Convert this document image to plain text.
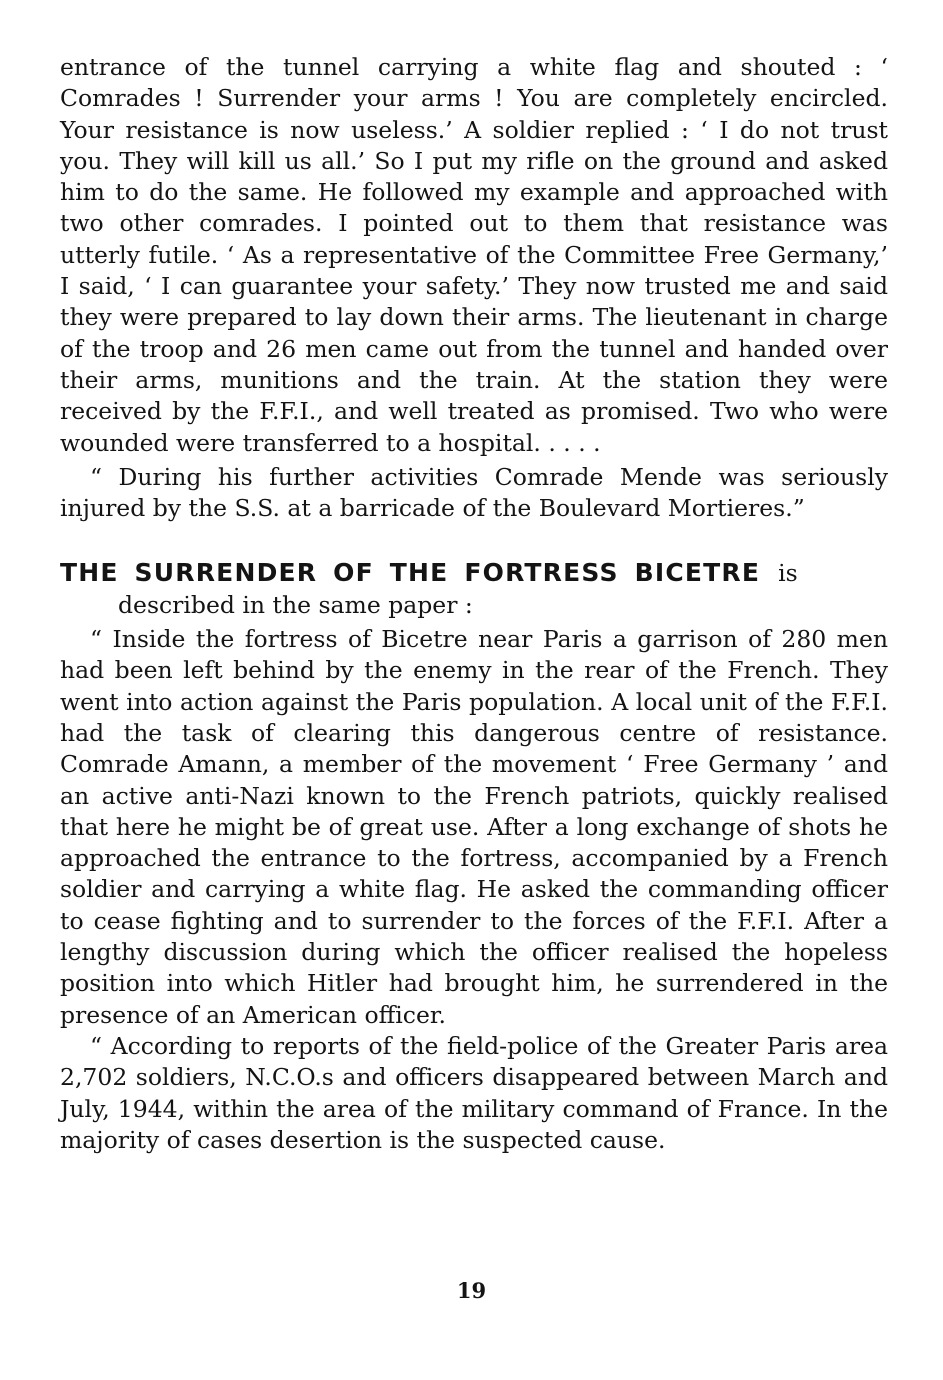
entrance of the tunnel carrying a white flag and shouted : ‘ Comrades ! Surrender your arms ! You are completely encircled. Your resistance is now useless.’ A soldier replied : ‘ I do not trust you. They will kill us all.’ So I put my rifle on the ground and asked him to do the same. He followed my example and approached with two other comrades. I pointed out to them that resistance was utterly futile. ‘ As a representative of the Committee Free Germany,’ I said, ‘ I can guarantee your safety.’ They now trusted me and said they were prepared to lay down their arms. The lieutenant in charge of the troop and 26 men came out from the tunnel and handed over their arms, munitions and the train. At the station they were received by the F.F.I., and well treated as promised. Two who were wounded were transferred to a hospital. . . . .

“ During his further activities Comrade Mende was seriously injured by the S.S. at a barricade of the Boulevard Mortieres.”

THE SURRENDER OF THE FORTRESS BICETRE is described in the same paper :

“ Inside the fortress of Bicetre near Paris a garrison of 280 men had been left behind by the enemy in the rear of the French. They went into action against the Paris population. A local unit of the F.F.I. had the task of clearing this dangerous centre of resistance. Comrade Amann, a member of the movement ‘ Free Germany ’ and an active anti-Nazi known to the French patriots, quickly realised that here he might be of great use. After a long exchange of shots he approached the entrance to the fortress, accompanied by a French soldier and carrying a white flag. He asked the commanding officer to cease fighting and to surrender to the forces of the F.F.I. After a lengthy discussion during which the officer realised the hopeless position into which Hitler had brought him, he surrendered in the presence of an American officer.

“ According to reports of the field-police of the Greater Paris area 2,702 soldiers, N.C.O.s and officers disappeared between March and July, 1944, within the area of the military command of France. In the majority of cases desertion is the suspected cause.

19
